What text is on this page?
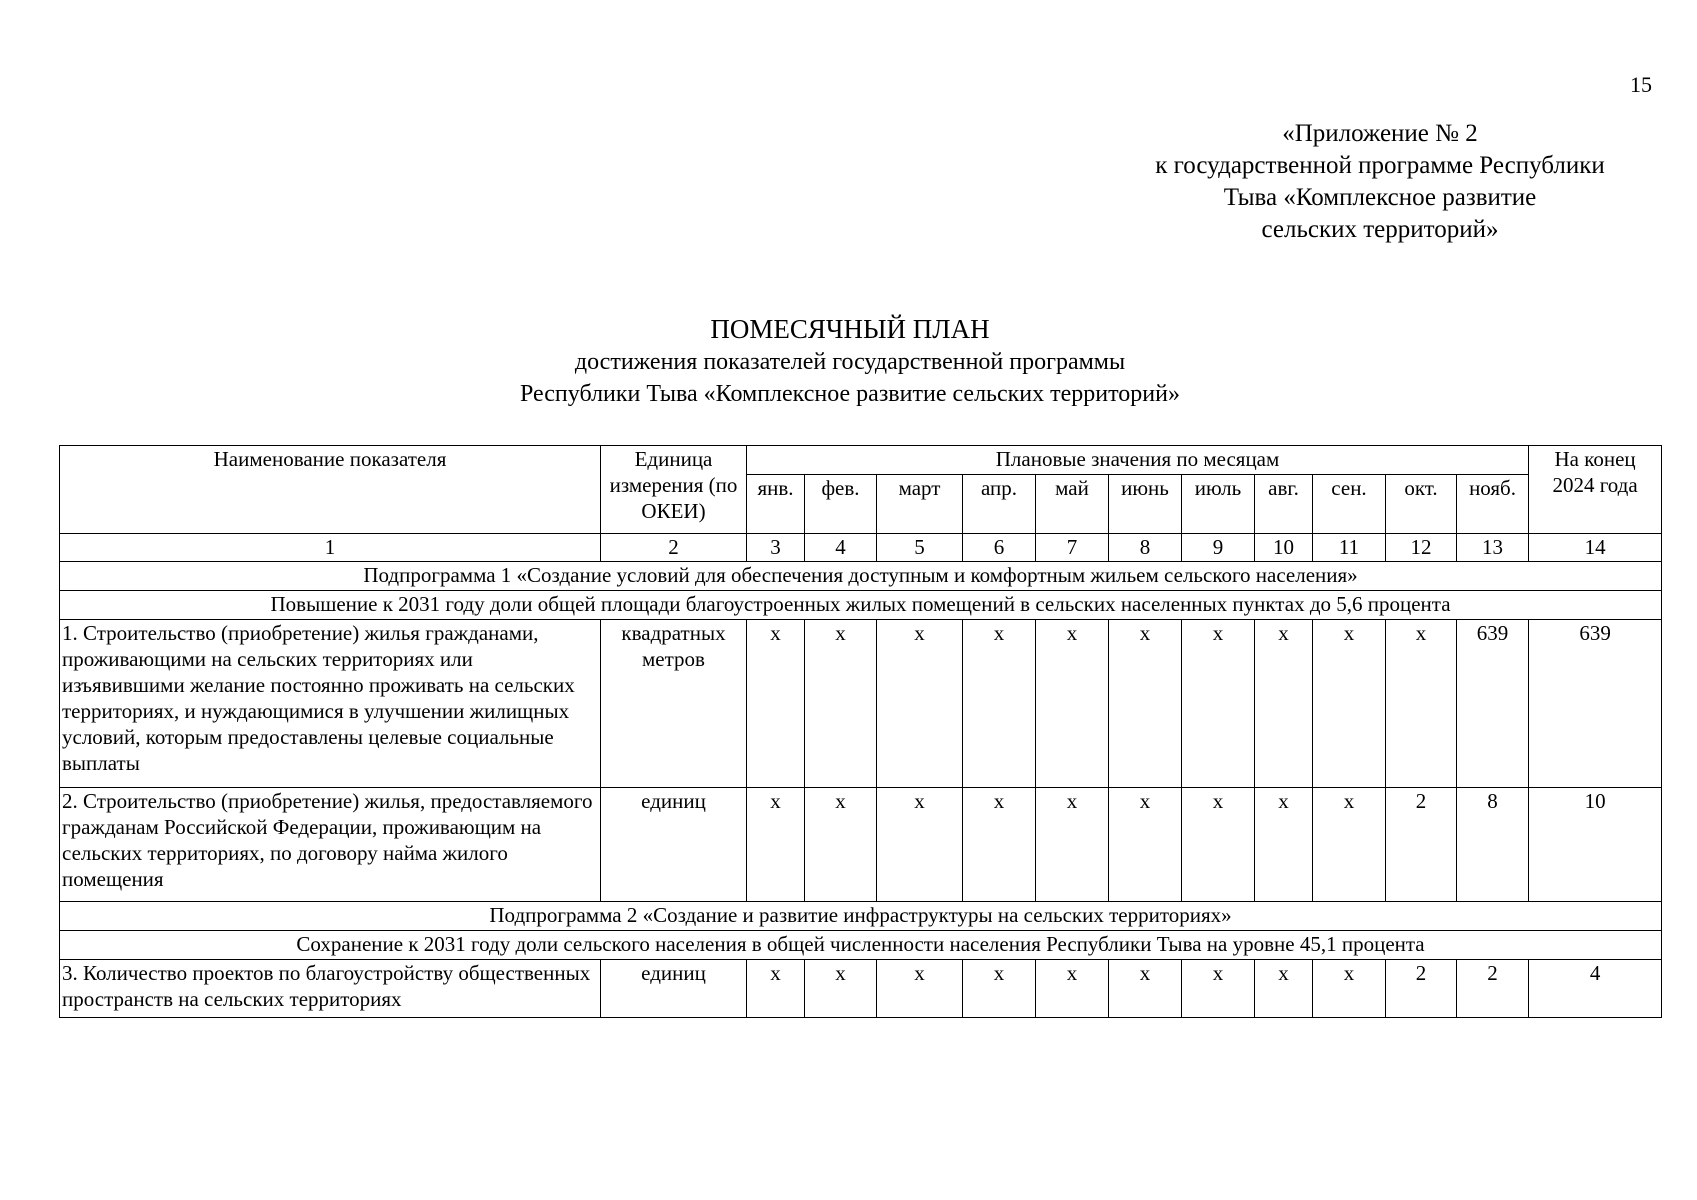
15
«Приложение № 2
к государственной программе Республики
Тыва «Комплексное развитие
сельских территорий»
ПОМЕСЯЧНЫЙ ПЛАН
достижения показателей государственной программы
Республики Тыва «Комплексное развитие сельских территорий»
Наименование показателя	Единица измерения (по ОКЕИ)	Плановые значения по месяцам											На конец 2024 года
		янв.	фев.	март	апр.	май	июнь	июль	авг.	сен.	окт.	нояб.	
1	2	3	4	5	6	7	8	9	10	11	12	13	14
Подпрограмма 1 «Создание условий для обеспечения доступным и комфортным жильем сельского населения»													
Повышение к 2031 году доли общей площади благоустроенных жилых помещений в сельских населенных пунктах до 5,6 процента													
1. Строительство (приобретение) жилья гражданами, проживающими на сельских территориях или изъявившими желание постоянно проживать на сельских территориях, и нуждающимися в улучшении жилищных условий, которым предоставлены целевые социальные выплаты	квадратных метров	x	x	x	x	x	x	x	x	x	x	639	639
2. Строительство (приобретение) жилья, предоставляемого гражданам Российской Федерации, проживающим на сельских территориях, по договору найма жилого помещения	единиц	x	x	x	x	x	x	x	x	x	2	8	10
Подпрограмма 2 «Создание и развитие инфраструктуры на сельских территориях»													
Сохранение к 2031 году доли сельского населения в общей численности населения Республики Тыва на уровне 45,1 процента													
3. Количество проектов по благоустройству общественных пространств на сельских территориях	единиц	x	x	x	x	x	x	x	x	x	2	2	4
